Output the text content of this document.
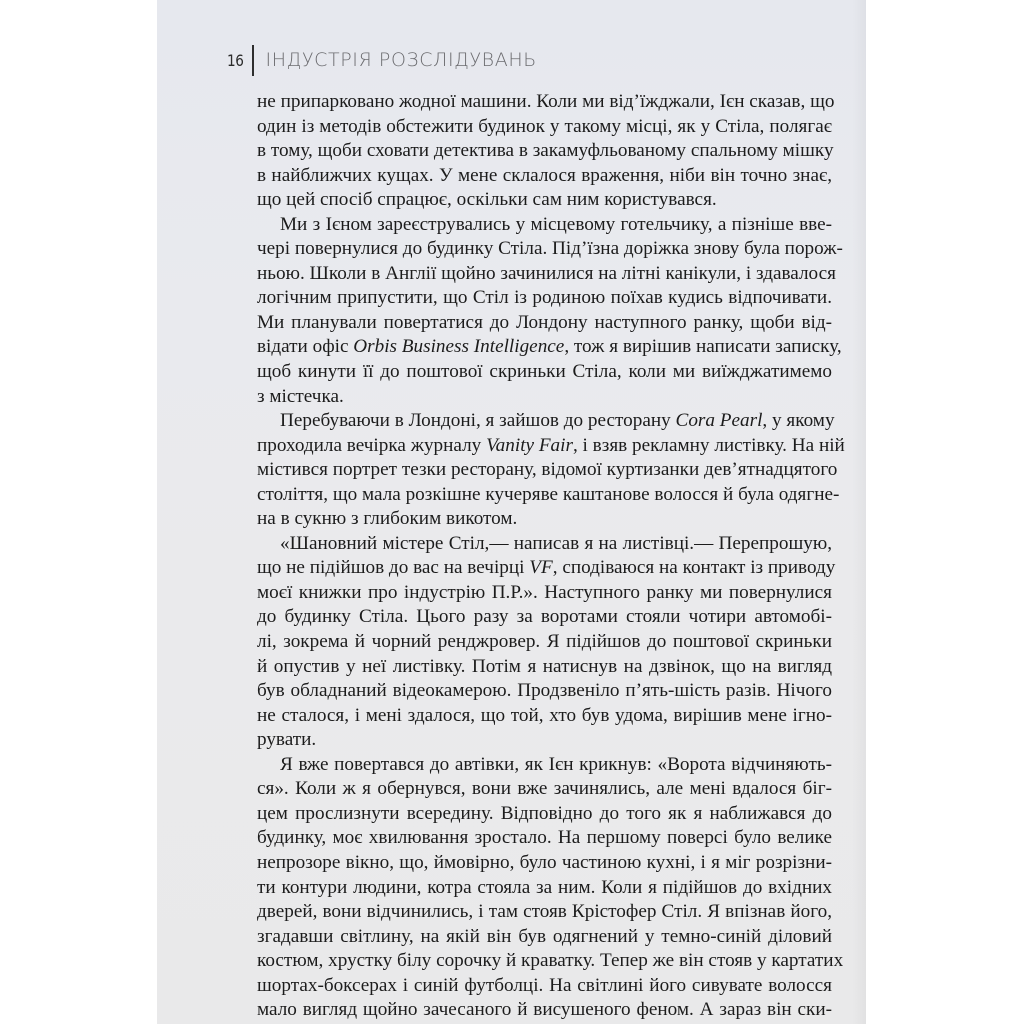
16 ІНДУСТРІЯ РОЗСЛІДУВАНЬ

не припарковано жодної машини. Коли ми від’їжджали, Ієн сказав, що
один із методів обстежити будинок у такому місці, як у Стіла, полягає
в тому, щоби сховати детектива в закамуфльованому спальному мішку
в найближчих кущах. У мене склалося враження, ніби він точно знає,
що цей спосіб спрацює, оскільки сам ним користувався.

Ми з Ієном зареєструвались у місцевому готельчику, а пізніше вве-
чері повернулися до будинку Стіла. Під’їзна доріжка знову була порож-
ньою. Школи в Англії щойно зачинилися на літні канікули, і здавалося
логічним припустити, що Стіл із родиною поїхав кудись відпочивати.
Ми планували повертатися до Лондону наступного ранку, щоби від-
відати офіс Orbis Business Intelligence, тож я вирішив написати записку,
щоб кинути її до поштової скриньки Стіла, коли ми виїжджатимемо
з містечка.

Перебуваючи в Лондоні, я зайшов до ресторану Cora Pearl, у якому
проходила вечірка журналу Vanity Fair, і взяв рекламну листівку. На ній
містився портрет тезки ресторану, відомої куртизанки дев’ятнадцятого
століття, що мала розкішне кучеряве каштанове волосся й була одягне-
на в сукню з глибоким викотом.

«Шановний містере Стіл,— написав я на листівці.— Перепрошую,
що не підійшов до вас на вечірці VF, сподіваюся на контакт із приводу
моєї книжки про індустрію П.Р.». Наступного ранку ми повернулися
до будинку Стіла. Цього разу за воротами стояли чотири автомобі-
лі, зокрема й чорний ренджровер. Я підійшов до поштової скриньки
й опустив у неї листівку. Потім я натиснув на дзвінок, що на вигляд
був обладнаний відеокамерою. Продзвеніло п’ять-шість разів. Нічого
не сталося, і мені здалося, що той, хто був удома, вирішив мене ігно-
рувати.

Я вже повертався до автівки, як Ієн крикнув: «Ворота відчиняють-
ся». Коли ж я обернувся, вони вже зачинялись, але мені вдалося біг-
цем прослизнути всередину. Відповідно до того як я наближався до
будинку, моє хвилювання зростало. На першому поверсі було велике
непрозоре вікно, що, ймовірно, було частиною кухні, і я міг розрізни-
ти контури людини, котра стояла за ним. Коли я підійшов до вхідних
дверей, вони відчинились, і там стояв Крістофер Стіл. Я впізнав його,
згадавши світлину, на якій він був одягнений у темно-синій діловий
костюм, хрустку білу сорочку й краватку. Тепер же він стояв у картатих
шортах-боксерах і синій футболці. На світлині його сивувате волосся
мало вигляд щойно зачесаного й висушеного феном. А зараз він ски-
